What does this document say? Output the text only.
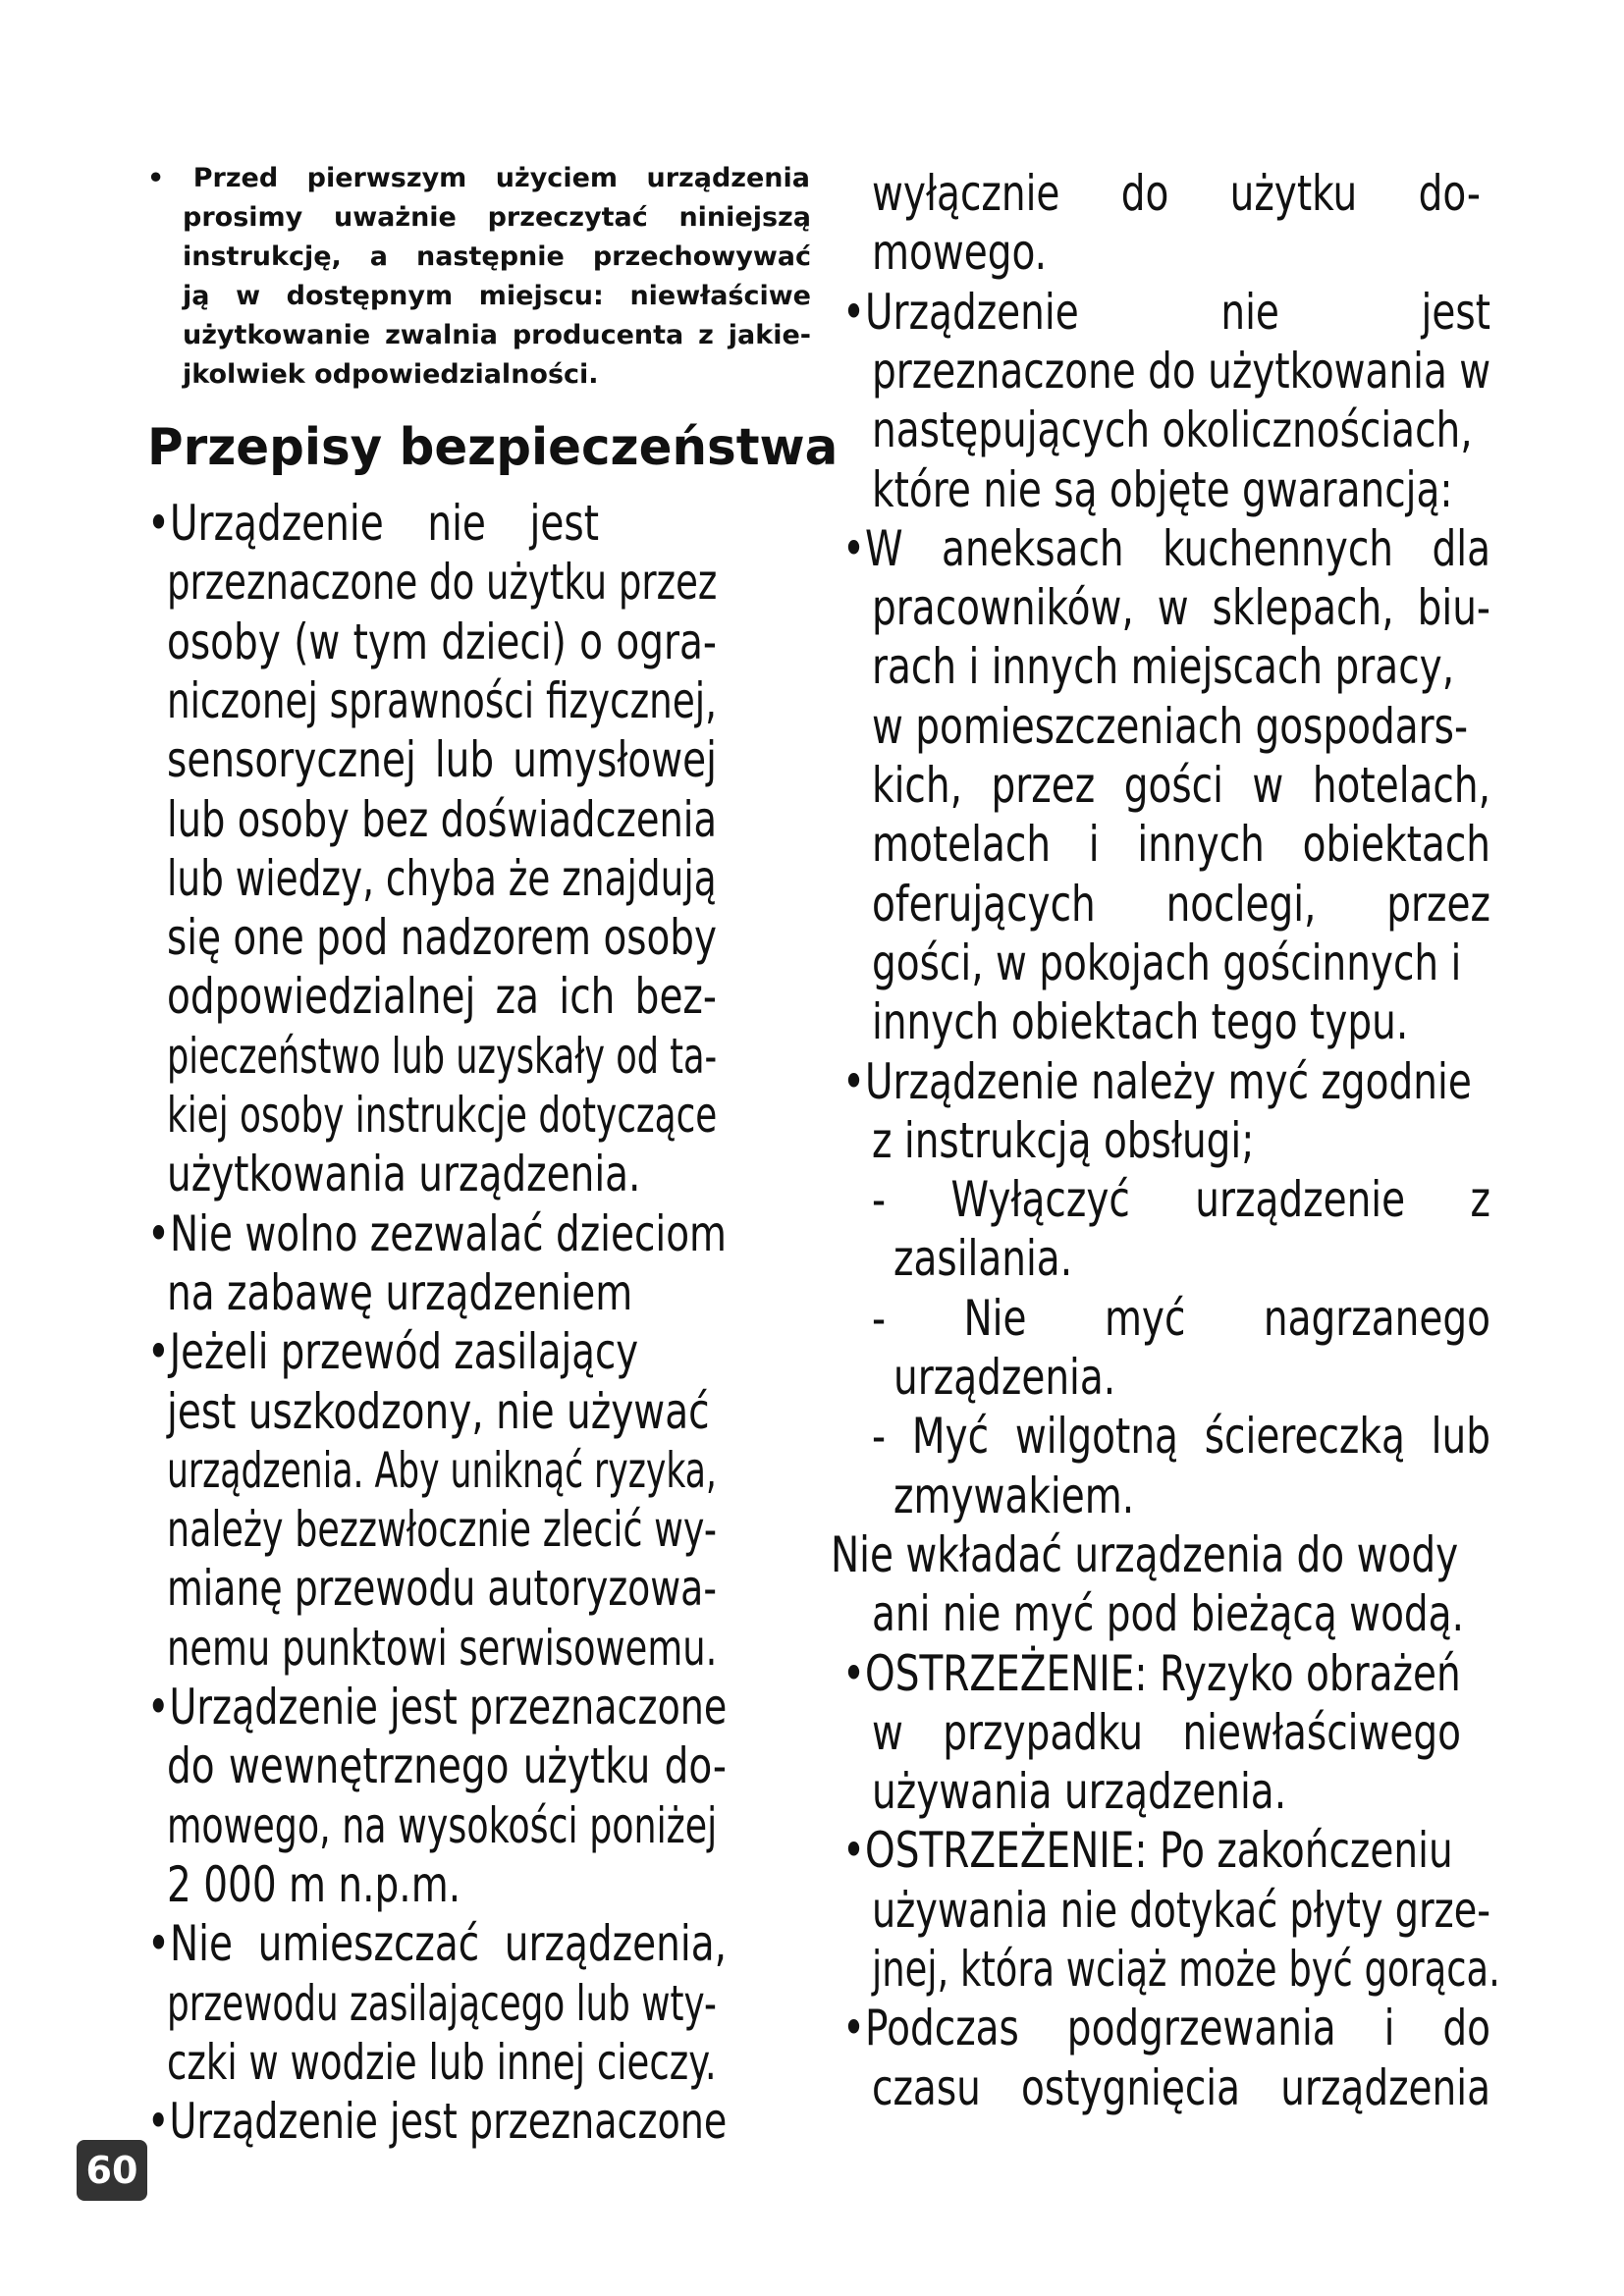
• Przed pierwszym użyciem urządzenia
prosimy uważnie przeczytać niniejszą
instrukcję, a następnie przechowywać
ją w dostępnym miejscu: niewłaściwe
użytkowanie zwalnia producenta z jakie-
jkolwiek odpowiedzialności.
Przepisy bezpieczeństwa
•Urządzenie nie jest
przeznaczone do użytku przez
osoby (w tym dzieci) o ogra-
niczonej sprawności fizycznej,
sensorycznej lub umysłowej
lub osoby bez doświadczenia
lub wiedzy, chyba że znajdują
się one pod nadzorem osoby
odpowiedzialnej za ich bez-
pieczeństwo lub uzyskały od ta-
kiej osoby instrukcje dotyczące
użytkowania urządzenia.
•Nie wolno zezwalać dzieciom
na zabawę urządzeniem
•Jeżeli przewód zasilający
jest uszkodzony, nie używać
urządzenia. Aby uniknąć ryzyka,
należy bezzwłocznie zlecić wy-
mianę przewodu autoryzowa-
nemu punktowi serwisowemu.
•Urządzenie jest przeznaczone
do wewnętrznego użytku do-
mowego, na wysokości poniżej
2 000 m n.p.m.
•Nie umieszczać urządzenia,
przewodu zasilającego lub wty-
czki w wodzie lub innej cieczy.
•Urządzenie jest przeznaczone
wyłącznie do użytku do-
mowego.
•Urządzenie nie jest
przeznaczone do użytkowania w
następujących okolicznościach,
które nie są objęte gwarancją:
•W aneksach kuchennych dla
pracowników, w sklepach, biu-
rach i innych miejscach pracy,
w pomieszczeniach gospodars-
kich, przez gości w hotelach,
motelach i innych obiektach
oferujących noclegi, przez
gości, w pokojach gościnnych i
innych obiektach tego typu.
•Urządzenie należy myć zgodnie
z instrukcją obsługi;
- Wyłączyć urządzenie z
zasilania.
- Nie myć nagrzanego
urządzenia.
- Myć wilgotną ściereczką lub
zmywakiem.
Nie wkładać urządzenia do wody
ani nie myć pod bieżącą wodą.
•OSTRZEŻENIE: Ryzyko obrażeń
w przypadku niewłaściwego
używania urządzenia.
•OSTRZEŻENIE: Po zakończeniu
używania nie dotykać płyty grze-
jnej, która wciąż może być gorąca.
•Podczas podgrzewania i do
czasu ostygnięcia urządzenia
60
